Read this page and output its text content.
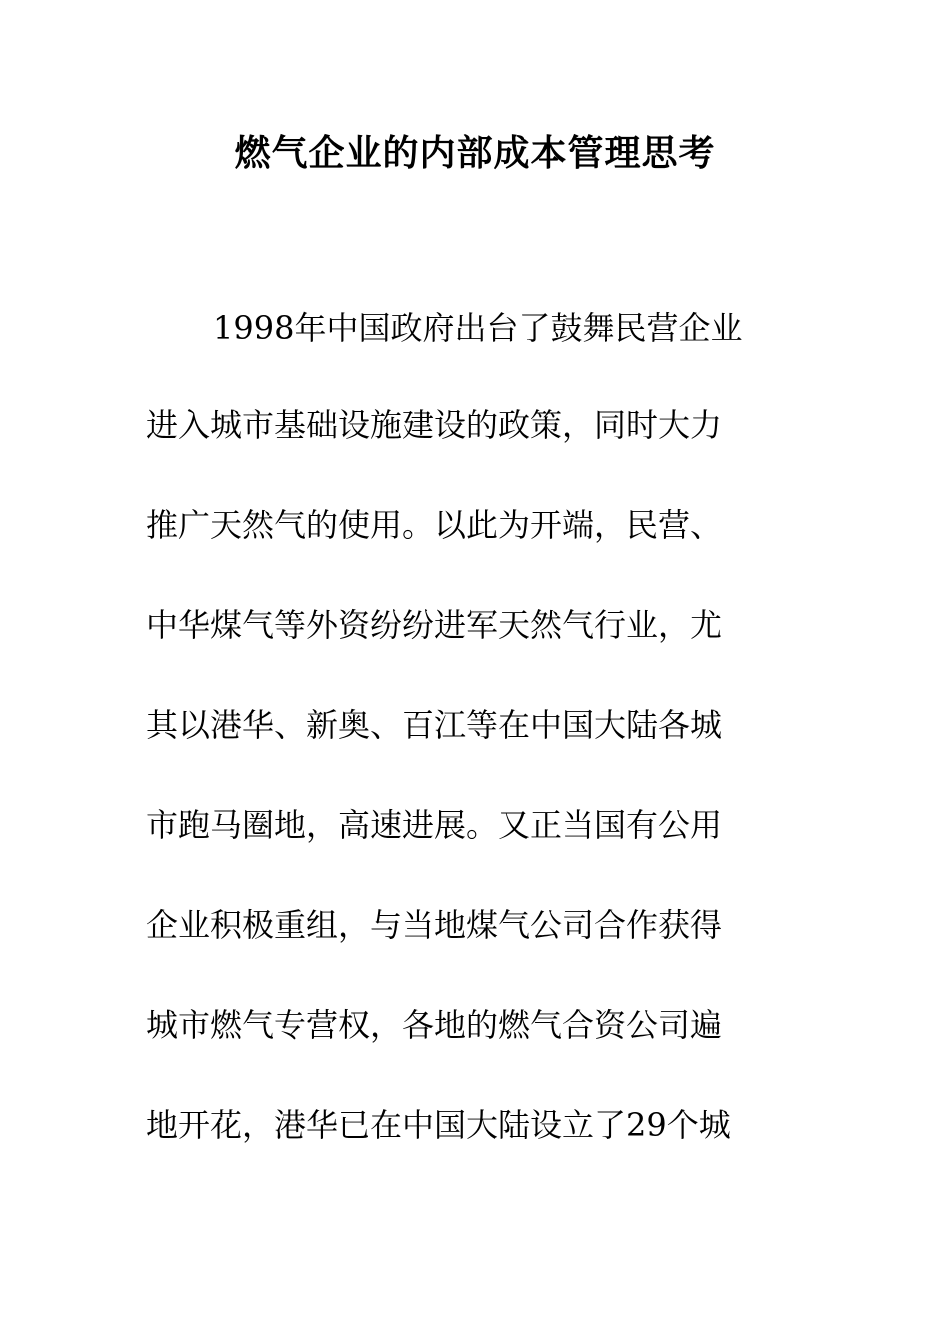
燃气企业的内部成本管理思考

1998年中国政府出台了鼓舞民营企业

进入城市基础设施建设的政策，同时大力

推广天然气的使用。以此为开端，民营、

中华煤气等外资纷纷进军天然气行业，尤

其以港华、新奥、百江等在中国大陆各城

市跑马圈地，高速进展。又正当国有公用

企业积极重组，与当地煤气公司合作获得

城市燃气专营权，各地的燃气合资公司遍

地开花，港华已在中国大陆设立了29个城
